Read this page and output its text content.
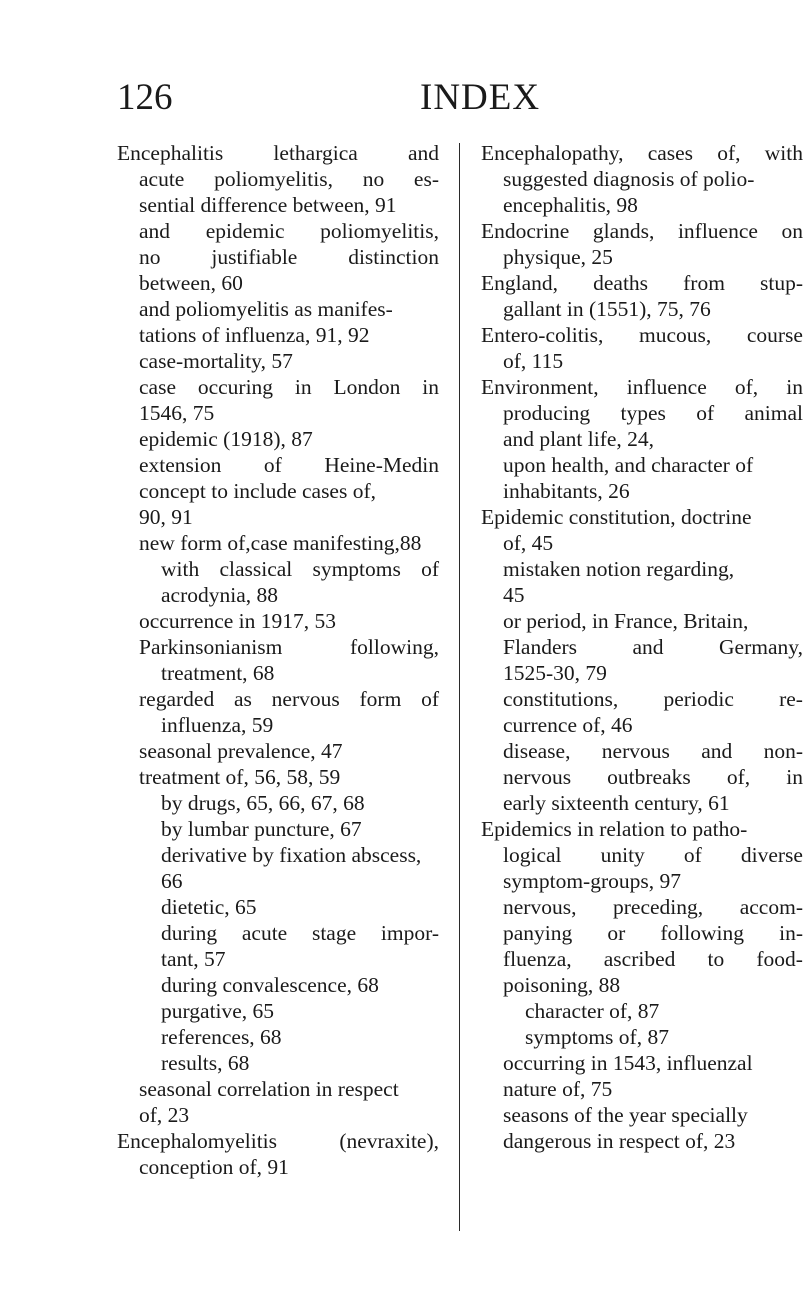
126	INDEX
Encephalitis lethargica and
acute poliomyelitis, no es-
sential difference between, 91
and epidemic poliomyelitis,
no justifiable distinction
between, 60
and poliomyelitis as manifes-
tations of influenza, 91, 92
case-mortality, 57
case occuring in London in
1546, 75
epidemic (1918), 87
extension of Heine-Medin
concept to include cases of,
90, 91
new form of,case manifesting,88
with classical symptoms of
acrodynia, 88
occurrence in 1917, 53
Parkinsonianism	following,
treatment, 68
regarded as nervous form of
influenza, 59
seasonal prevalence, 47
treatment of, 56, 58, 59
by drugs, 65, 66, 67, 68
by lumbar puncture, 67
derivative by fixation abscess,
66
dietetic, 65
during acute stage impor-
tant, 57
during convalescence, 68
purgative, 65
references, 68
results, 68
seasonal correlation in respect
of, 23
Encephalomyelitis	(nevraxite),
conception of, 91
Encephalopathy, cases of, with
suggested diagnosis of polio-
encephalitis, 98
Endocrine glands, influence on
physique, 25
England, deaths from stup-
gallant in (1551), 75, 76
Entero-colitis, mucous, course
of, 115
Environment, influence of, in
producing types of animal
and plant life, 24,
upon health, and character of
inhabitants, 26
Epidemic constitution, doctrine
of, 45
mistaken notion regarding,
45
or period, in France, Britain,
Flanders	and	Germany,
1525-30, 79
constitutions, periodic re-
currence of, 46
disease, nervous and non-
nervous outbreaks of, in
early sixteenth century, 61
Epidemics in relation to patho-
logical unity of diverse
symptom-groups, 97
nervous, preceding, accom-
panying or following in-
fluenza, ascribed to food-
poisoning, 88
character of, 87
symptoms of, 87
occurring in 1543, influenzal
nature of, 75
seasons of the year specially
dangerous in respect of, 23
